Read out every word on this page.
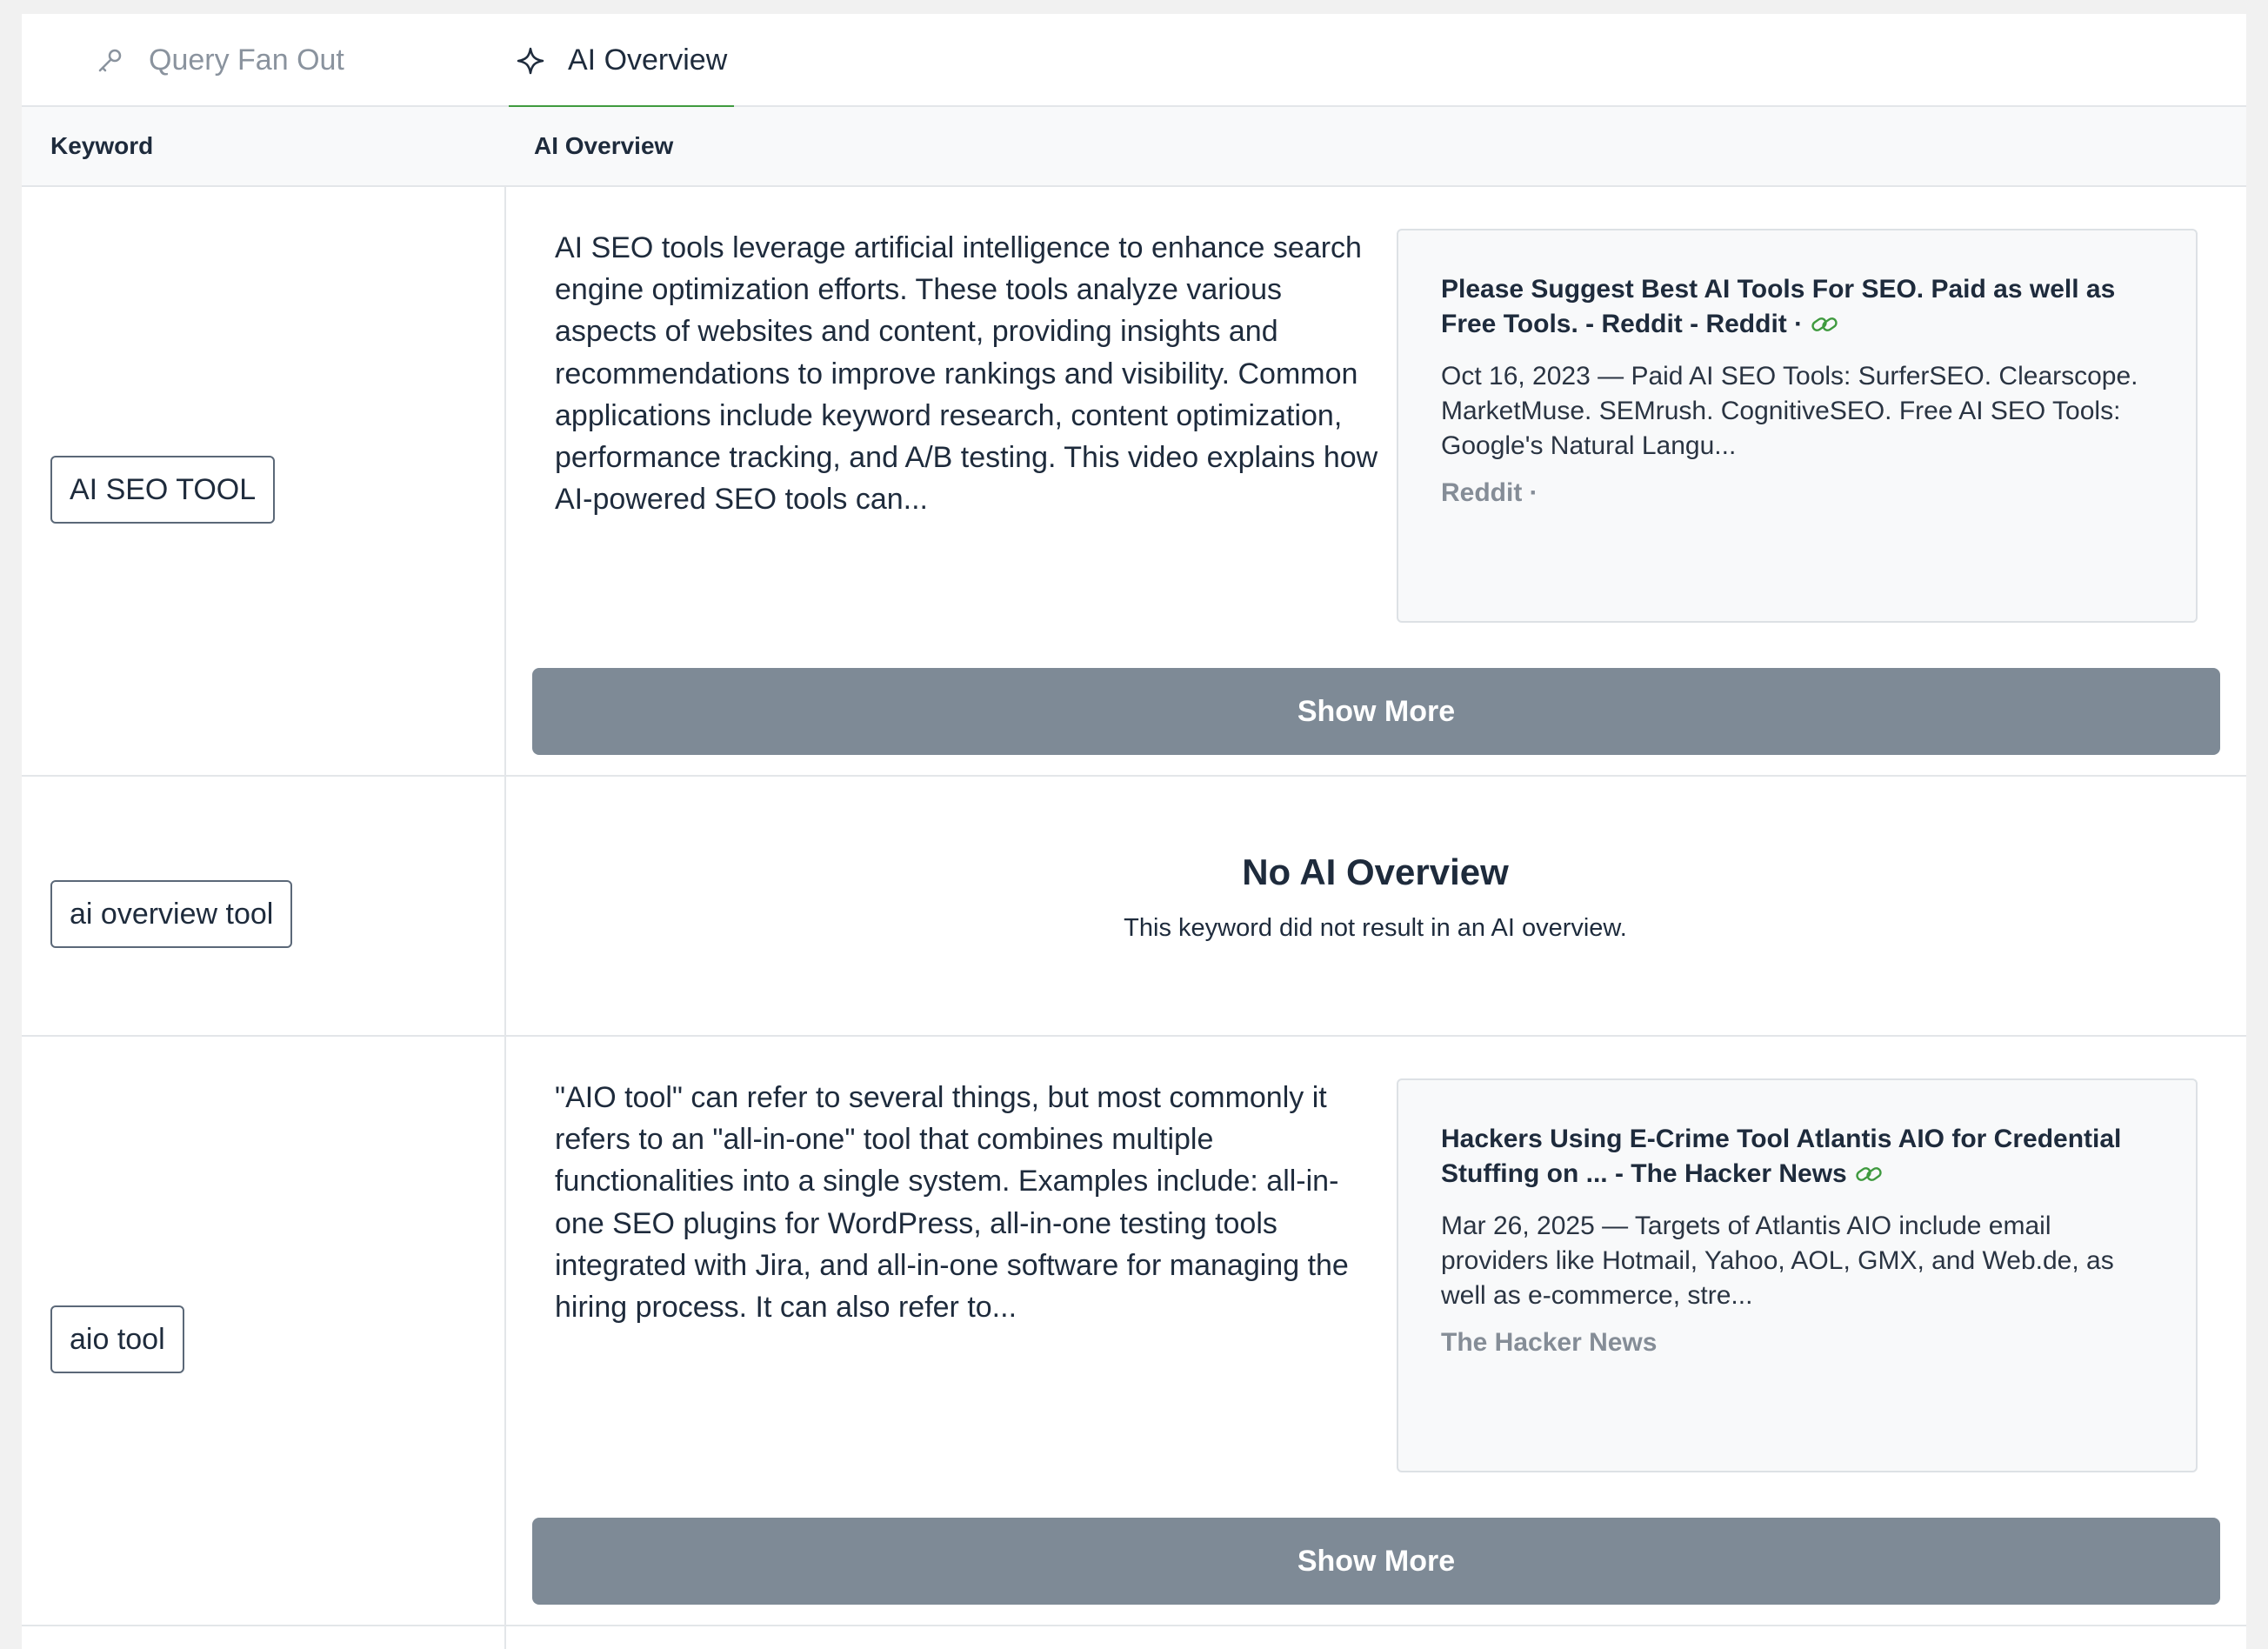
Query Fan Out	AI Overview
Keyword	AI Overview
AI SEO TOOL
AI SEO tools leverage artificial intelligence to enhance search engine optimization efforts. These tools analyze various aspects of websites and content, providing insights and recommendations to improve rankings and visibility. Common applications include keyword research, content optimization, performance tracking, and A/B testing. This video explains how AI-powered SEO tools can...
Please Suggest Best AI Tools For SEO. Paid as well as Free Tools. - Reddit - Reddit ·
Oct 16, 2023 — Paid AI SEO Tools: SurferSEO. Clearscope. MarketMuse. SEMrush. CognitiveSEO. Free AI SEO Tools: Google's Natural Langu...
Reddit ·
Show More
ai overview tool
No AI Overview
This keyword did not result in an AI overview.
aio tool
"AIO tool" can refer to several things, but most commonly it refers to an "all-in-one" tool that combines multiple functionalities into a single system. Examples include: all-in-one SEO plugins for WordPress, all-in-one testing tools integrated with Jira, and all-in-one software for managing the hiring process. It can also refer to...
Hackers Using E-Crime Tool Atlantis AIO for Credential Stuffing on ... - The Hacker News
Mar 26, 2025 — Targets of Atlantis AIO include email providers like Hotmail, Yahoo, AOL, GMX, and Web.de, as well as e-commerce, stre...
The Hacker News
Show More
